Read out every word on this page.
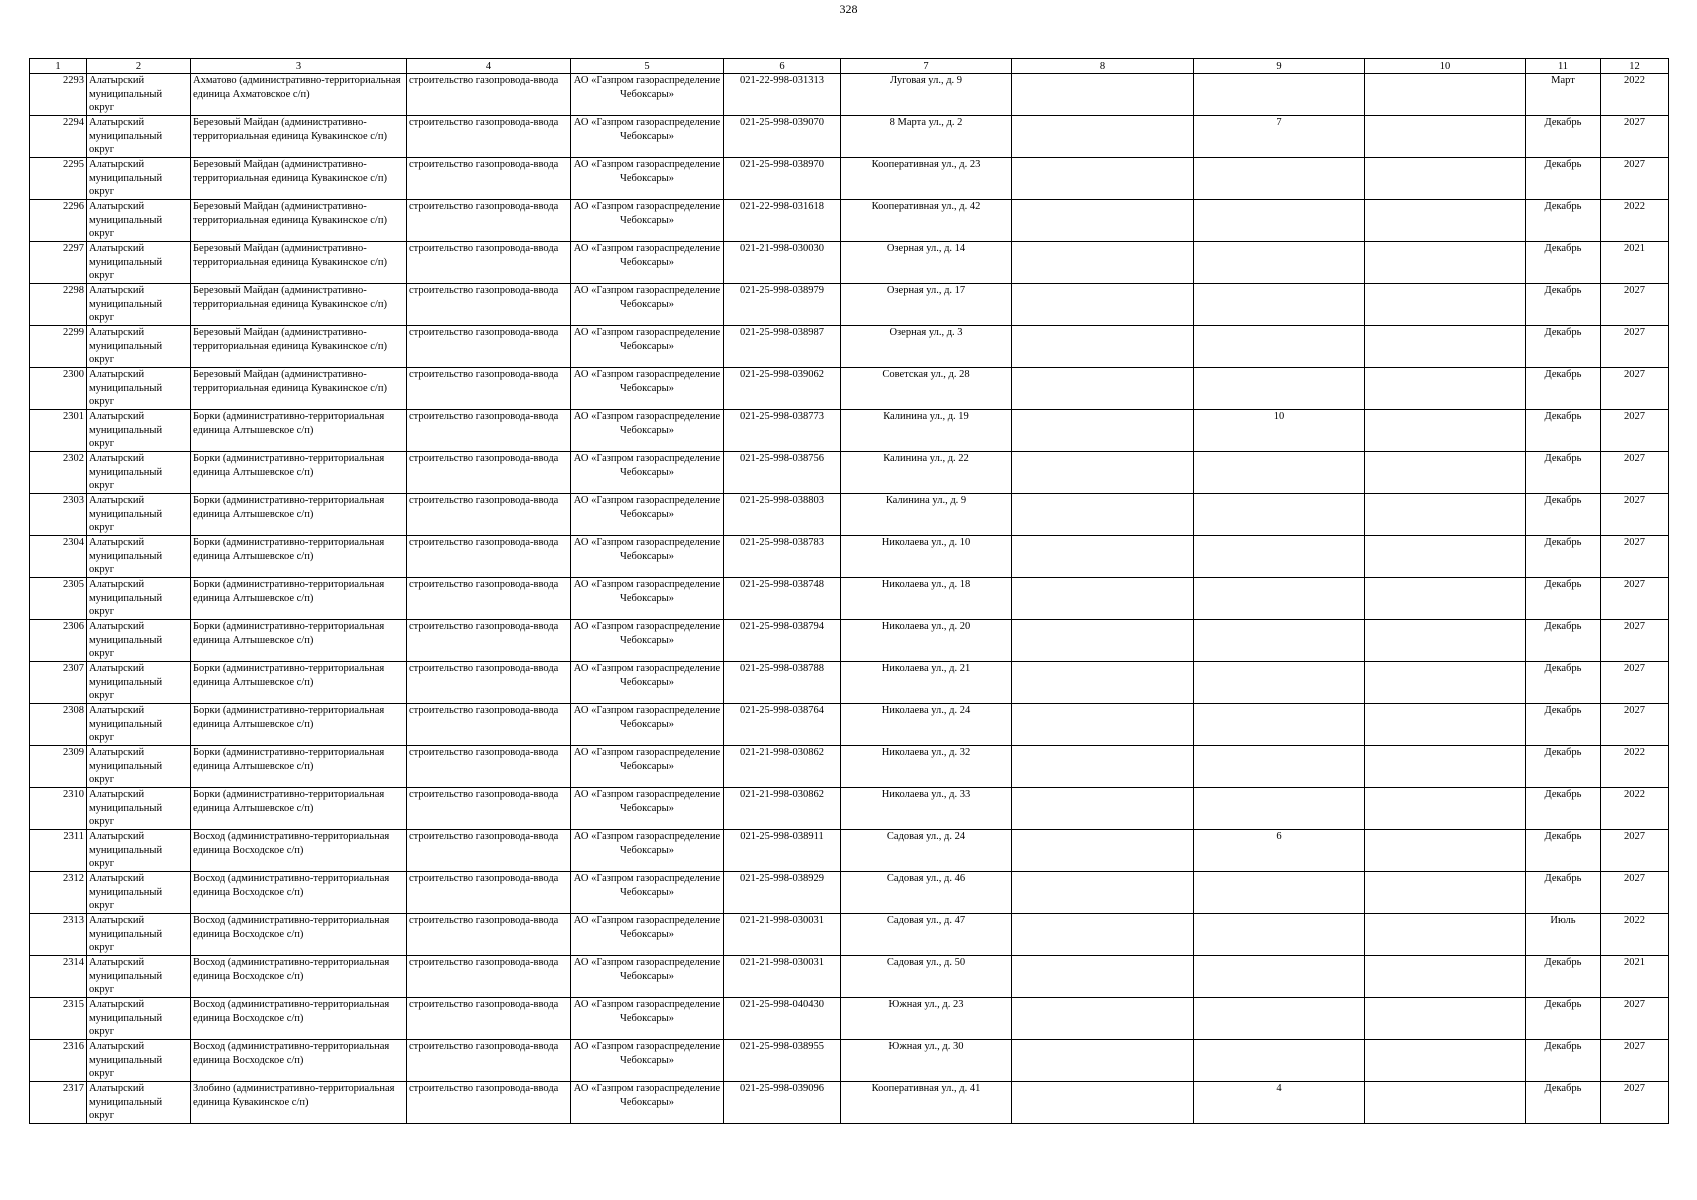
328
1	2	3	4	5	6	7	8	9	10	11	12

2293	Алатырский муниципальный округ	Ахматово (административно-территориальная единица Ахматовское с/п)	строительство газопровода-ввода	АО «Газпром газораспределение Чебоксары»	021-22-998-031313	Луговая ул., д. 9				Март	2022

2294	Алатырский муниципальный округ	Березовый Майдан (административно-территориальная единица Кувакинское с/п)	строительство газопровода-ввода	АО «Газпром газораспределение Чебоксары»	021-25-998-039070	8 Марта ул., д. 2		7		Декабрь	2027

2295	Алатырский муниципальный округ	Березовый Майдан (административно-территориальная единица Кувакинское с/п)	строительство газопровода-ввода	АО «Газпром газораспределение Чебоксары»	021-25-998-038970	Кооперативная ул., д. 23				Декабрь	2027

2296	Алатырский муниципальный округ	Березовый Майдан (административно-территориальная единица Кувакинское с/п)	строительство газопровода-ввода	АО «Газпром газораспределение Чебоксары»	021-22-998-031618	Кооперативная ул., д. 42				Декабрь	2022

2297	Алатырский муниципальный округ	Березовый Майдан (административно-территориальная единица Кувакинское с/п)	строительство газопровода-ввода	АО «Газпром газораспределение Чебоксары»	021-21-998-030030	Озерная ул., д. 14				Декабрь	2021

2298	Алатырский муниципальный округ	Березовый Майдан (административно-территориальная единица Кувакинское с/п)	строительство газопровода-ввода	АО «Газпром газораспределение Чебоксары»	021-25-998-038979	Озерная ул., д. 17				Декабрь	2027

2299	Алатырский муниципальный округ	Березовый Майдан (административно-территориальная единица Кувакинское с/п)	строительство газопровода-ввода	АО «Газпром газораспределение Чебоксары»	021-25-998-038987	Озерная ул., д. 3				Декабрь	2027

2300	Алатырский муниципальный округ	Березовый Майдан (административно-территориальная единица Кувакинское с/п)	строительство газопровода-ввода	АО «Газпром газораспределение Чебоксары»	021-25-998-039062	Советская ул., д. 28				Декабрь	2027

2301	Алатырский муниципальный округ	Борки (административно-территориальная единица Алтышевское с/п)	строительство газопровода-ввода	АО «Газпром газораспределение Чебоксары»	021-25-998-038773	Калинина ул., д. 19		10		Декабрь	2027

2302	Алатырский муниципальный округ	Борки (административно-территориальная единица Алтышевское с/п)	строительство газопровода-ввода	АО «Газпром газораспределение Чебоксары»	021-25-998-038756	Калинина ул., д. 22				Декабрь	2027

2303	Алатырский муниципальный округ	Борки (административно-территориальная единица Алтышевское с/п)	строительство газопровода-ввода	АО «Газпром газораспределение Чебоксары»	021-25-998-038803	Калинина ул., д. 9				Декабрь	2027

2304	Алатырский муниципальный округ	Борки (административно-территориальная единица Алтышевское с/п)	строительство газопровода-ввода	АО «Газпром газораспределение Чебоксары»	021-25-998-038783	Николаева ул., д. 10				Декабрь	2027

2305	Алатырский муниципальный округ	Борки (административно-территориальная единица Алтышевское с/п)	строительство газопровода-ввода	АО «Газпром газораспределение Чебоксары»	021-25-998-038748	Николаева ул., д. 18				Декабрь	2027

2306	Алатырский муниципальный округ	Борки (административно-территориальная единица Алтышевское с/п)	строительство газопровода-ввода	АО «Газпром газораспределение Чебоксары»	021-25-998-038794	Николаева ул., д. 20				Декабрь	2027

2307	Алатырский муниципальный округ	Борки (административно-территориальная единица Алтышевское с/п)	строительство газопровода-ввода	АО «Газпром газораспределение Чебоксары»	021-25-998-038788	Николаева ул., д. 21				Декабрь	2027

2308	Алатырский муниципальный округ	Борки (административно-территориальная единица Алтышевское с/п)	строительство газопровода-ввода	АО «Газпром газораспределение Чебоксары»	021-25-998-038764	Николаева ул., д. 24				Декабрь	2027

2309	Алатырский муниципальный округ	Борки (административно-территориальная единица Алтышевское с/п)	строительство газопровода-ввода	АО «Газпром газораспределение Чебоксары»	021-21-998-030862	Николаева ул., д. 32				Декабрь	2022

2310	Алатырский муниципальный округ	Борки (административно-территориальная единица Алтышевское с/п)	строительство газопровода-ввода	АО «Газпром газораспределение Чебоксары»	021-21-998-030862	Николаева ул., д. 33				Декабрь	2022

2311	Алатырский муниципальный округ	Восход (административно-территориальная единица Восходское с/п)	строительство газопровода-ввода	АО «Газпром газораспределение Чебоксары»	021-25-998-038911	Садовая ул., д. 24		6		Декабрь	2027

2312	Алатырский муниципальный округ	Восход (административно-территориальная единица Восходское с/п)	строительство газопровода-ввода	АО «Газпром газораспределение Чебоксары»	021-25-998-038929	Садовая ул., д. 46				Декабрь	2027

2313	Алатырский муниципальный округ	Восход (административно-территориальная единица Восходское с/п)	строительство газопровода-ввода	АО «Газпром газораспределение Чебоксары»	021-21-998-030031	Садовая ул., д. 47				Июль	2022

2314	Алатырский муниципальный округ	Восход (административно-территориальная единица Восходское с/п)	строительство газопровода-ввода	АО «Газпром газораспределение Чебоксары»	021-21-998-030031	Садовая ул., д. 50				Декабрь	2021

2315	Алатырский муниципальный округ	Восход (административно-территориальная единица Восходское с/п)	строительство газопровода-ввода	АО «Газпром газораспределение Чебоксары»	021-25-998-040430	Южная ул., д. 23				Декабрь	2027

2316	Алатырский муниципальный округ	Восход (административно-территориальная единица Восходское с/п)	строительство газопровода-ввода	АО «Газпром газораспределение Чебоксары»	021-25-998-038955	Южная ул., д. 30				Декабрь	2027

2317	Алатырский муниципальный округ	Злобино (административно-территориальная единица Кувакинское с/п)	строительство газопровода-ввода	АО «Газпром газораспределение Чебоксары»	021-25-998-039096	Кооперативная ул., д. 41		4		Декабрь	2027
